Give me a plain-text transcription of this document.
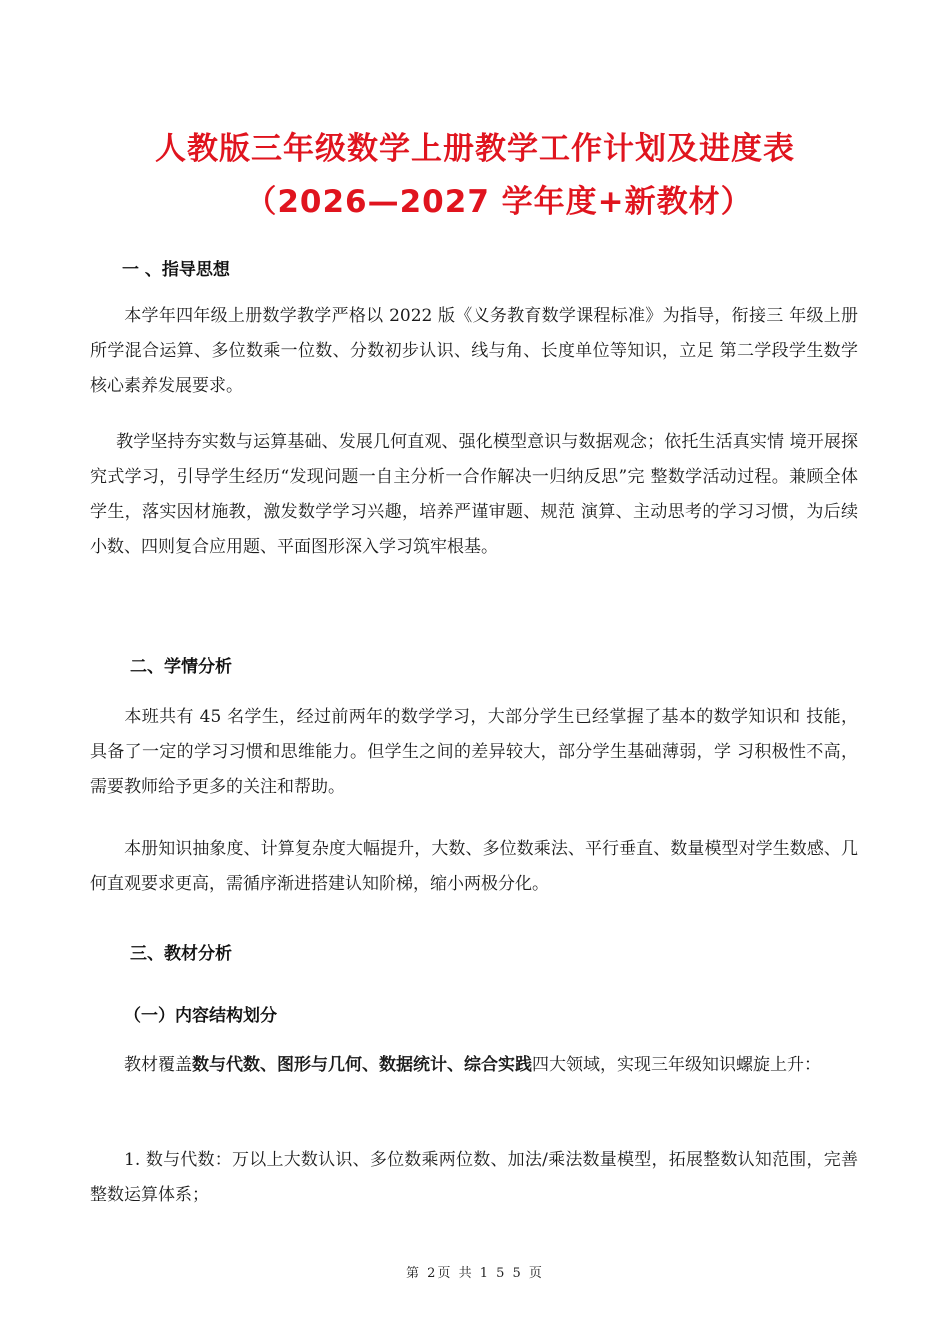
人教版三年级数学上册教学工作计划及进度表
（2026—2027 学年度+新教材）
一 、指导思想
本学年四年级上册数学教学严格以 2022 版《义务教育数学课程标准》为指导，衔接三 年级上册所学混合运算、多位数乘一位数、分数初步认识、线与角、长度单位等知识，立足 第二学段学生数学核心素养发展要求。
教学坚持夯实数与运算基础、发展几何直观、强化模型意识与数据观念；依托生活真实情 境开展探究式学习，引导学生经历“发现问题一自主分析一合作解决一归纳反思”完 整数学活动过程。兼顾全体学生，落实因材施教，激发数学学习兴趣，培养严谨审题、规范 演算、主动思考的学习习惯，为后续小数、四则复合应用题、平面图形深入学习筑牢根基。
二、学情分析
本班共有 45 名学生，经过前两年的数学学习，大部分学生已经掌握了基本的数学知识和 技能，具备了一定的学习习惯和思维能力。但学生之间的差异较大，部分学生基础薄弱，学 习积极性不高，需要教师给予更多的关注和帮助。
本册知识抽象度、计算复杂度大幅提升，大数、多位数乘法、平行垂直、数量模型对学生数感、几何直观要求更高，需循序渐进搭建认知阶梯，缩小两极分化。
三、教材分析
（一）内容结构划分
教材覆盖数与代数、图形与几何、数据统计、综合实践四大领域，实现三年级知识螺旋上升：
1. 数与代数：万以上大数认识、多位数乘两位数、加法/乘法数量模型，拓展整数认知范围，完善整数运算体系；
第 2页 共 1 5 5 页
